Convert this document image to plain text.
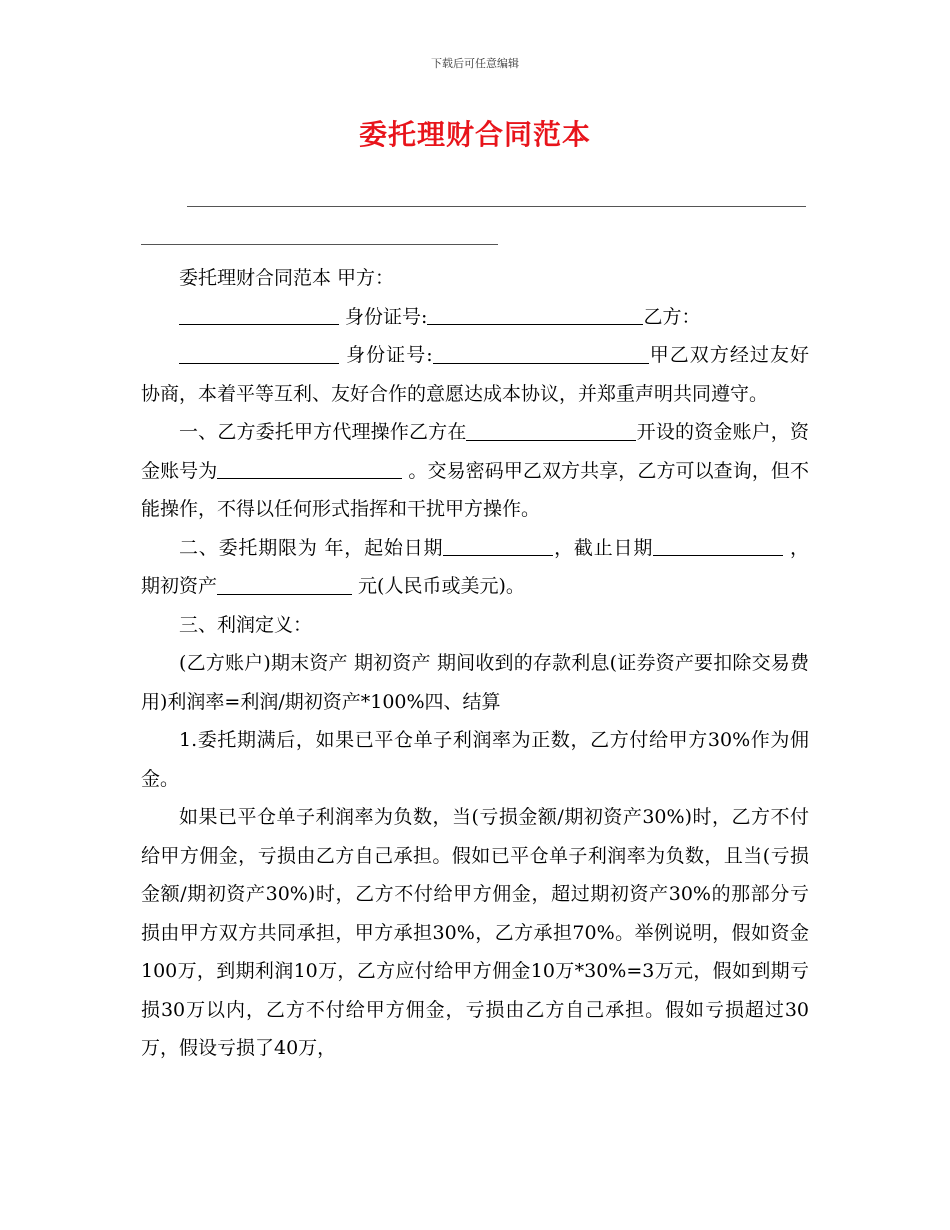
下载后可任意编辑
委托理财合同范本

委托理财合同范本 甲方：

身份证号:	乙方：

身份证号:	甲乙双方经过友好协商，本着平等互利、友好合作的意愿达成本协议，并郑重声明共同遵守。

一、乙方委托甲方代理操作乙方在	开设的资金账户，资金账号为	。交易密码甲乙双方共享，乙方可以查询，但不能操作，不得以任何形式指挥和干扰甲方操作。

二、委托期限为 年，起始日期	，截止日期	，期初资产	元(人民币或美元)。

三、利润定义：

(乙方账户)期末资产 期初资产 期间收到的存款利息(证券资产要扣除交易费用)利润率=利润/期初资产*100%四、结算

1.委托期满后，如果已平仓单子利润率为正数，乙方付给甲方30%作为佣金。

如果已平仓单子利润率为负数，当(亏损金额/期初资产30%)时，乙方不付给甲方佣金，亏损由乙方自己承担。假如已平仓单子利润率为负数，且当(亏损金额/期初资产30%)时，乙方不付给甲方佣金，超过期初资产30%的那部分亏损由甲方双方共同承担，甲方承担30%，乙方承担70%。举例说明，假如资金100万，到期利润10万，乙方应付给甲方佣金10万*30%=3万元，假如到期亏损30万以内，乙方不付给甲方佣金，亏损由乙方自己承担。假如亏损超过30万，假设亏损了40万，
